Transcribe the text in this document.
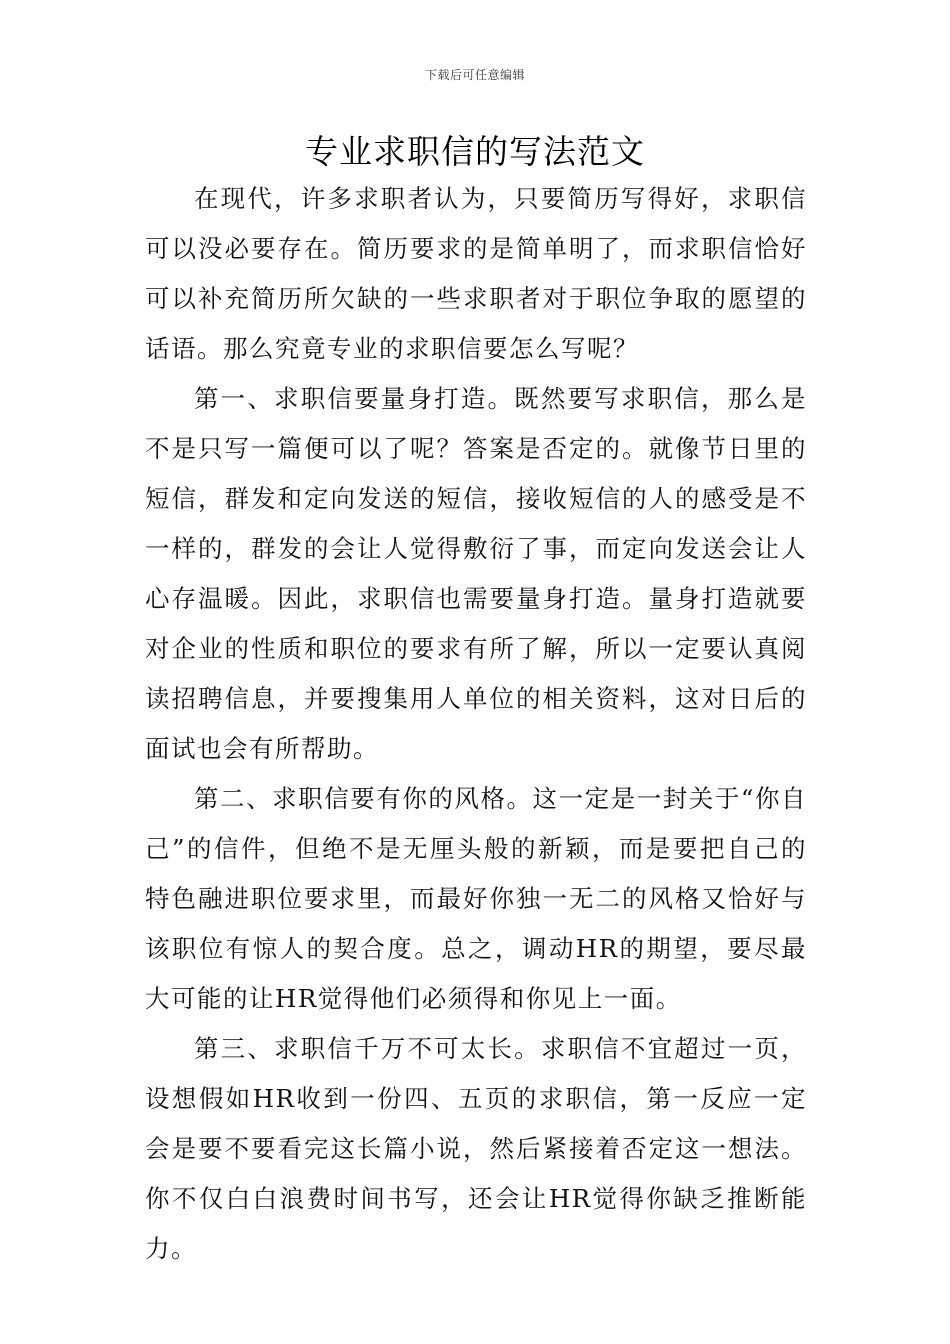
下载后可任意编辑
专业求职信的写法范文

在现代，许多求职者认为，只要简历写得好，求职信可以没必要存在。简历要求的是简单明了，而求职信恰好可以补充简历所欠缺的一些求职者对于职位争取的愿望的话语。那么究竟专业的求职信要怎么写呢？

第一、求职信要量身打造。既然要写求职信，那么是不是只写一篇便可以了呢？答案是否定的。就像节日里的短信，群发和定向发送的短信，接收短信的人的感受是不一样的，群发的会让人觉得敷衍了事，而定向发送会让人心存温暖。因此，求职信也需要量身打造。量身打造就要对企业的性质和职位的要求有所了解，所以一定要认真阅读招聘信息，并要搜集用人单位的相关资料，这对日后的面试也会有所帮助。

第二、求职信要有你的风格。这一定是一封关于“你自己”的信件，但绝不是无厘头般的新颖，而是要把自己的特色融进职位要求里，而最好你独一无二的风格又恰好与该职位有惊人的契合度。总之，调动HR的期望，要尽最大可能的让HR觉得他们必须得和你见上一面。

第三、求职信千万不可太长。求职信不宜超过一页，设想假如HR收到一份四、五页的求职信，第一反应一定会是要不要看完这长篇小说，然后紧接着否定这一想法。你不仅白白浪费时间书写，还会让HR觉得你缺乏推断能力。
